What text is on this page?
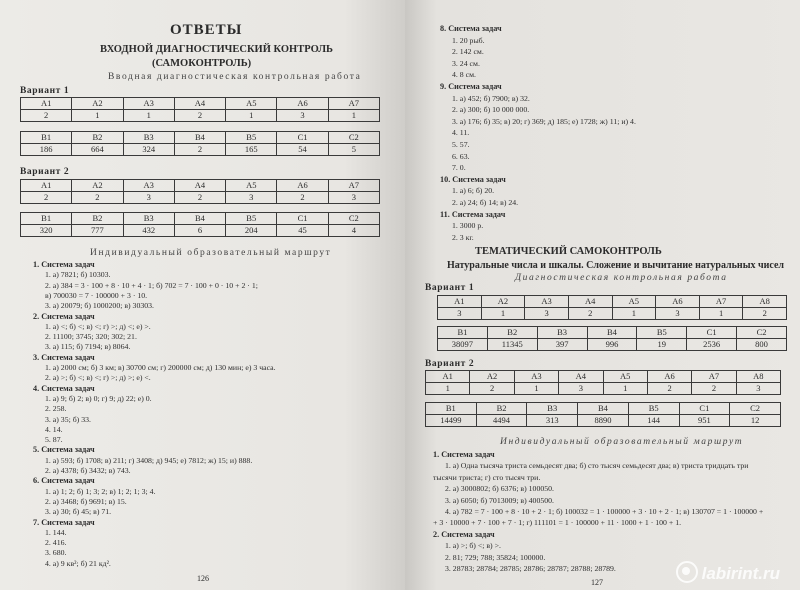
ОТВЕТЫ
ВХОДНОЙ ДИАГНОСТИЧЕСКИЙ КОНТРОЛЬ
(САМОКОНТРОЛЬ)
Вводная диагностическая контрольная работа
Вариант 1
A1	A2	A3	A4	A5	A6	A7
2	1	1	2	1	3	1
B1	B2	B3	B4	B5	C1	C2
186	664	324	2	165	54	5
Вариант 2
A1	A2	A3	A4	A5	A6	A7
2	2	3	2	3	2	3
B1	B2	B3	B4	B5	C1	C2
320	777	432	6	204	45	4
Индивидуальный образовательный маршрут
1. Система задач
1. а) 7821; б) 10303.
2. а) 384 = 3 · 100 + 8 · 10 + 4 · 1; б) 702 = 7 · 100 + 0 · 10 + 2 · 1;
в) 700030 = 7 · 100000 + 3 · 10.
3. а) 20079; б) 1000200; в) 30303.
2. Система задач
1. а) <; б) <; в) <; г) >; д) <; е) >.
2. 11100; 3745; 320; 302; 21.
3. а) 115; б) 7194; в) 8064.
3. Система задач
1. а) 2000 см; б) 3 км; в) 30700 см; г) 200000 см; д) 130 мин; е) 3 часа.
2. а) >; б) <; в) <; г) >; д) >; е) <.
4. Система задач
1. а) 9; б) 2; в) 0; г) 9; д) 22; е) 0.
2. 258.
3. а) 35; б) 33.
4. 14.
5. 87.
5. Система задач
1. а) 593; б) 1708; в) 211; г) 3408; д) 945; е) 7812; ж) 15; и) 888.
2. а) 4378; б) 3432; в) 743.
6. Система задач
1. а) 1; 2; б) 1; 3; 2; в) 1; 2; 1; 3; 4.
2. а) 3468; б) 9691; в) 15.
3. а) 30; б) 45; в) 71.
7. Система задач
1. 144.
2. 416.
3. 680.
4. а) 9 кв²; б) 21 кд².
126
8. Система задач
1. 20 рыб.
2. 142 см.
3. 24 см.
4. 8 см.
9. Система задач
1. а) 452; б) 7900; в) 32.
2. а) 300; б) 10 000 000.
3. а) 176; б) 35; в) 20; г) 369; д) 185; е) 1728; ж) 11; и) 4.
4. 11.
5. 57.
6. 63.
7. 0.
10. Система задач
1. а) 6; б) 20.
2. а) 24; б) 14; в) 24.
11. Система задач
1. 3000 р.
2. 3 кг.
ТЕМАТИЧЕСКИЙ САМОКОНТРОЛЬ
Натуральные числа и шкалы. Сложение и вычитание натуральных чисел
Диагностическая контрольная работа
Вариант 1
A1	A2	A3	A4	A5	A6	A7	A8
3	1	3	2	1	3	1	2
B1	B2	B3	B4	B5	C1	C2
38097	11345	397	996	19	2536	800
Вариант 2
A1	A2	A3	A4	A5	A6	A7	A8
1	2	1	3	1	2	2	3
B1	B2	B3	B4	B5	C1	C2
14499	4494	313	8890	144	951	12
Индивидуальный образовательный маршрут
1. Система задач
1. а) Одна тысяча триста семьдесят два; б) сто тысяч семьдесят два; в) триста тридцать три
тысячи триста; г) сто тысяч три.
2. а) 3000802; б) 6376; в) 100050.
3. а) 6050; б) 7013009; в) 400500.
4. а) 782 = 7 · 100 + 8 · 10 + 2 · 1; б) 100032 = 1 · 100000 + 3 · 10 + 2 · 1; в) 130707 = 1 · 100000 +
+ 3 · 10000 + 7 · 100 + 7 · 1; г) 111101 = 1 · 100000 + 11 · 1000 + 1 · 100 + 1.
2. Система задач
1. а) >; б) <; в) >.
2. 81; 729; 788; 35824; 100000.
3. 28783; 28784; 28785; 28786; 28787; 28788; 28789.
127	labirint.ru
